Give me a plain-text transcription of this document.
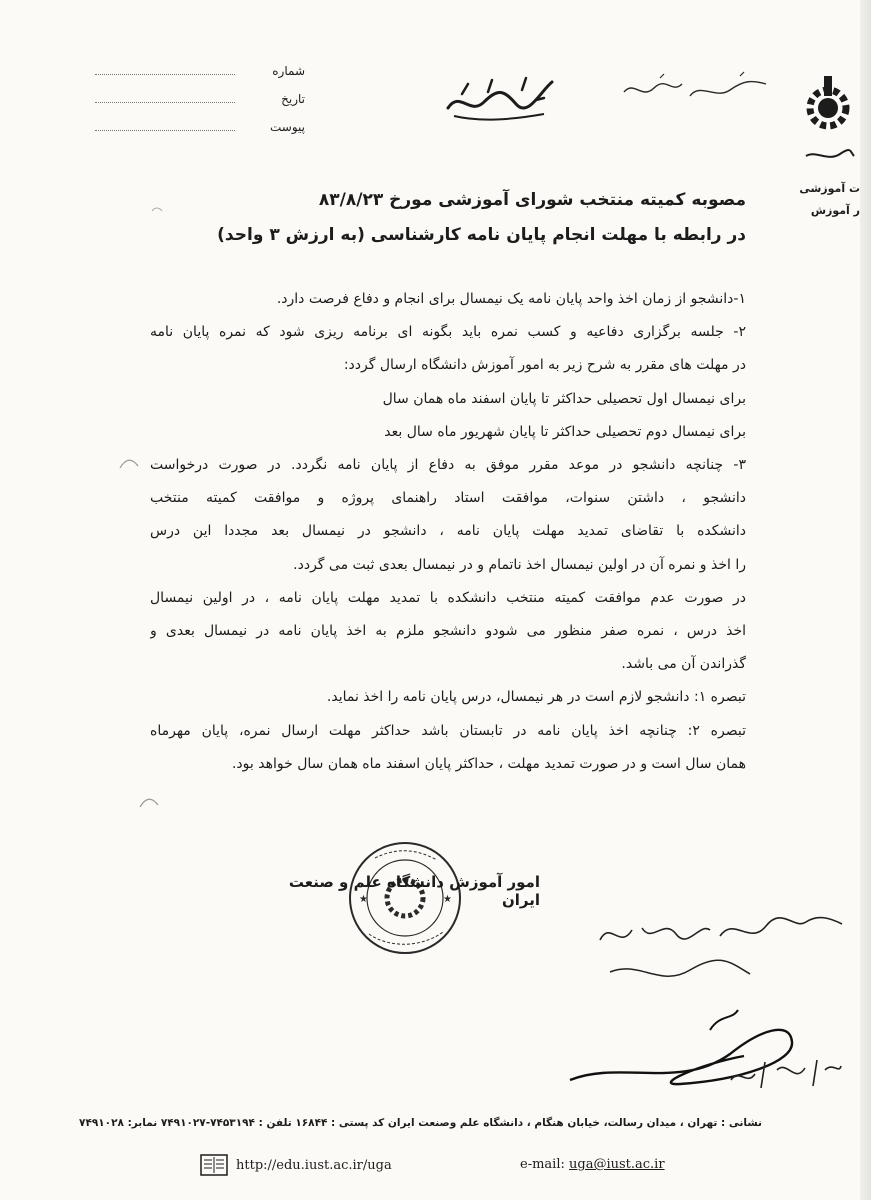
شماره
تاریخ
پیوست
ت آموزشی
ر آموزش
مصوبه کمیته منتخب شورای آموزشی مورخ ۸۳/۸/۲۳
در رابطه با مهلت انجام پایان نامه کارشناسی (به ارزش ۳ واحد)

۱-دانشجو از زمان اخذ واحد پایان نامه یک نیمسال برای انجام و دفاع فرصت دارد.

۲- جلسه برگزاری دفاعیه و کسب نمره باید بگونه ای برنامه ریزی شود که نمره پایان نامه

در مهلت های مقرر به شرح زیر به امور آموزش دانشگاه ارسال گردد:

برای نیمسال اول تحصیلی حداکثر تا پایان اسفند ماه همان سال

برای نیمسال دوم تحصیلی حداکثر تا پایان شهریور ماه سال بعد

۳- چنانچه دانشجو در موعد مقرر موفق به دفاع از پایان نامه نگردد. در صورت درخواست

دانشجو ، داشتن سنوات، موافقت استاد راهنمای پروژه و موافقت کمیته منتخب

دانشکده با تقاضای تمدید مهلت پایان نامه ، دانشجو در نیمسال بعد مجددا این درس

را اخذ و نمره آن در اولین نیمسال اخذ ناتمام و در نیمسال بعدی ثبت می گردد.

در صورت عدم موافقت کمیته منتخب دانشکده با تمدید مهلت پایان نامه ، در اولین نیمسال

اخذ درس ، نمره صفر منظور می شودو دانشجو ملزم به اخذ پایان نامه در نیمسال بعدی و

گذراندن آن می باشد.

تبصره ۱: دانشجو لازم است در هر نیمسال، درس پایان نامه را اخذ نماید.

تبصره ۲: چنانچه اخذ پایان نامه در تابستان باشد حداکثر مهلت ارسال نمره، پایان مهرماه

همان سال است و در صورت تمدید مهلت ، حداکثر پایان اسفند ماه همان سال خواهد بود.

★	★
امور آموزش دانشگاه علم و صنعت ایران
نشانی : تهران ، میدان رسالت، خیابان هنگام ، دانشگاه علم وصنعت ایران کد پستی : ۱۶۸۴۴ تلفن : ۷۴۵۳۱۹۴-۷۴۹۱۰۲۷ نمابر: ۷۴۹۱۰۲۸
http://edu.iust.ac.ir/uga	e-mail: uga@iust.ac.ir
